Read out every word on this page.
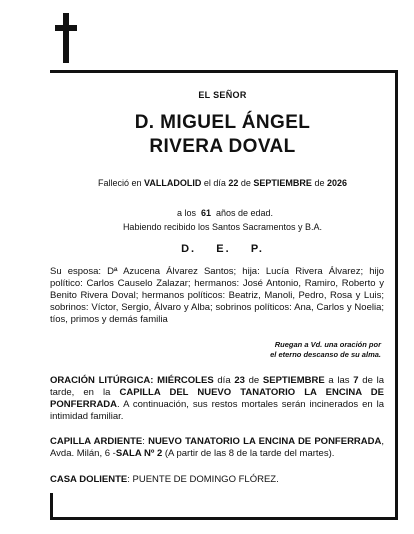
EL SEÑOR
D. MIGUEL ÁNGEL
RIVERA DOVAL
Falleció en VALLADOLID el día 22 de SEPTIEMBRE de 2026

a los  61  años de edad.

Habiendo recibido los Santos Sacramentos y B.A.
D.    E.    P.
Su esposa: Dª Azucena Álvarez Santos; hija: Lucía Rivera Álvarez; hijo político: Carlos Causelo Zalazar; hermanos: José Antonio, Ramiro, Roberto y Benito Rivera Doval; hermanos políticos: Beatriz, Manoli, Pedro, Rosa y Luis; sobrinos: Víctor, Sergio, Álvaro y Alba; sobrinos políticos: Ana, Carlos y Noelia; tíos, primos y demás familia
Ruegan a Vd. una oración por
el eterno descanso de su alma.
ORACIÓN LITÚRGICA: MIÉRCOLES día 23 de SEPTIEMBRE a las 7 de la tarde, en la CAPILLA DEL NUEVO TANATORIO LA ENCINA DE PONFERRADA. A continuación, sus restos mortales serán incinerados en la intimidad familiar.
CAPILLA ARDIENTE: NUEVO TANATORIO LA ENCINA DE PONFERRADA, Avda. Milán, 6 -SALA Nº 2 (A partir de las 8 de la tarde del martes).
CASA DOLIENTE: PUENTE DE DOMINGO FLÓREZ.
